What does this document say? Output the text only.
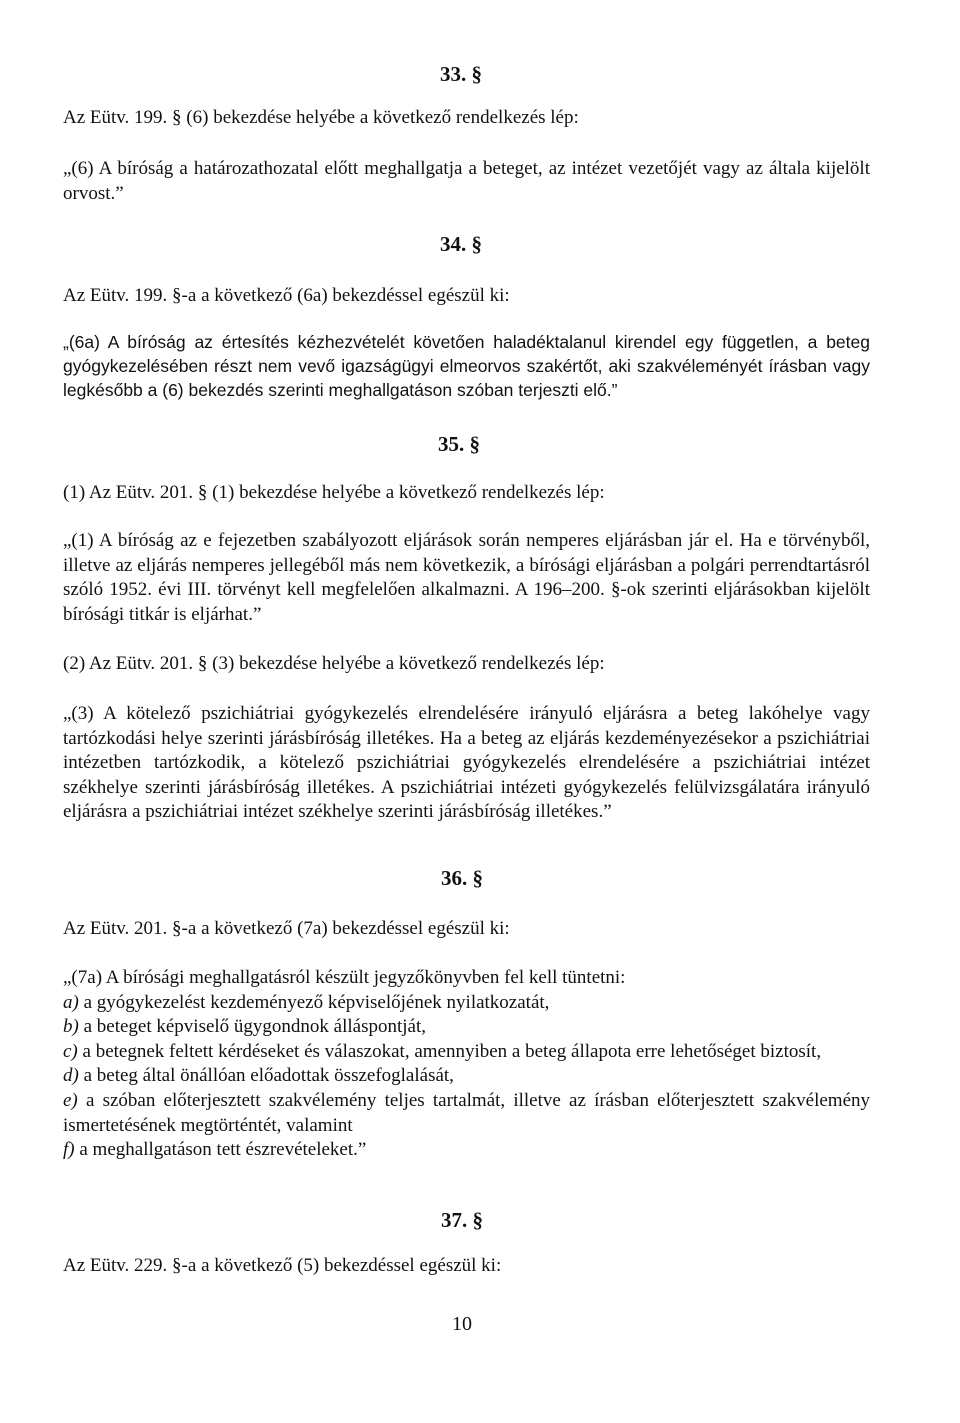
33. §
Az Eütv. 199. § (6) bekezdése helyébe a következő rendelkezés lép:
„(6) A bíróság a határozathozatal előtt meghallgatja a beteget, az intézet vezetőjét vagy az általa kijelölt orvost.”
34. §
Az Eütv. 199. §-a a következő (6a) bekezdéssel egészül ki:
„(6a) A bíróság az értesítés kézhezvételét követően haladéktalanul kirendel egy független, a beteg gyógykezelésében részt nem vevő igazságügyi elmeorvos szakértőt, aki szakvéleményét írásban vagy legkésőbb a (6) bekezdés szerinti meghallgatáson szóban terjeszti elő.”
35. §
(1) Az Eütv. 201. § (1) bekezdése helyébe a következő rendelkezés lép:
„(1) A bíróság az e fejezetben szabályozott eljárások során nemperes eljárásban jár el. Ha e törvényből, illetve az eljárás nemperes jellegéből más nem következik, a bírósági eljárásban a polgári perrendtartásról szóló 1952. évi III. törvényt kell megfelelően alkalmazni. A 196–200. §-ok szerinti eljárásokban kijelölt bírósági titkár is eljárhat.”
(2) Az Eütv. 201. § (3) bekezdése helyébe a következő rendelkezés lép:
„(3) A kötelező pszichiátriai gyógykezelés elrendelésére irányuló eljárásra a beteg lakóhelye vagy tartózkodási helye szerinti járásbíróság illetékes. Ha a beteg az eljárás kezdeményezésekor a pszichiátriai intézetben tartózkodik, a kötelező pszichiátriai gyógykezelés elrendelésére a pszichiátriai intézet székhelye szerinti járásbíróság illetékes. A pszichiátriai intézeti gyógykezelés felülvizsgálatára irányuló eljárásra a pszichiátriai intézet székhelye szerinti járásbíróság illetékes.”
36. §
Az Eütv. 201. §-a a következő (7a) bekezdéssel egészül ki:
„(7a) A bírósági meghallgatásról készült jegyzőkönyvben fel kell tüntetni:
a) a gyógykezelést kezdeményező képviselőjének nyilatkozatát,
b) a beteget képviselő ügygondnok álláspontját,
c) a betegnek feltett kérdéseket és válaszokat, amennyiben a beteg állapota erre lehetőséget biztosít,
d) a beteg által önállóan előadottak összefoglalását,
e) a szóban előterjesztett szakvélemény teljes tartalmát, illetve az írásban előterjesztett szakvélemény ismertetésének megtörténtét, valamint
f) a meghallgatáson tett észrevételeket.”
37. §
Az Eütv. 229. §-a a következő (5) bekezdéssel egészül ki:
10
